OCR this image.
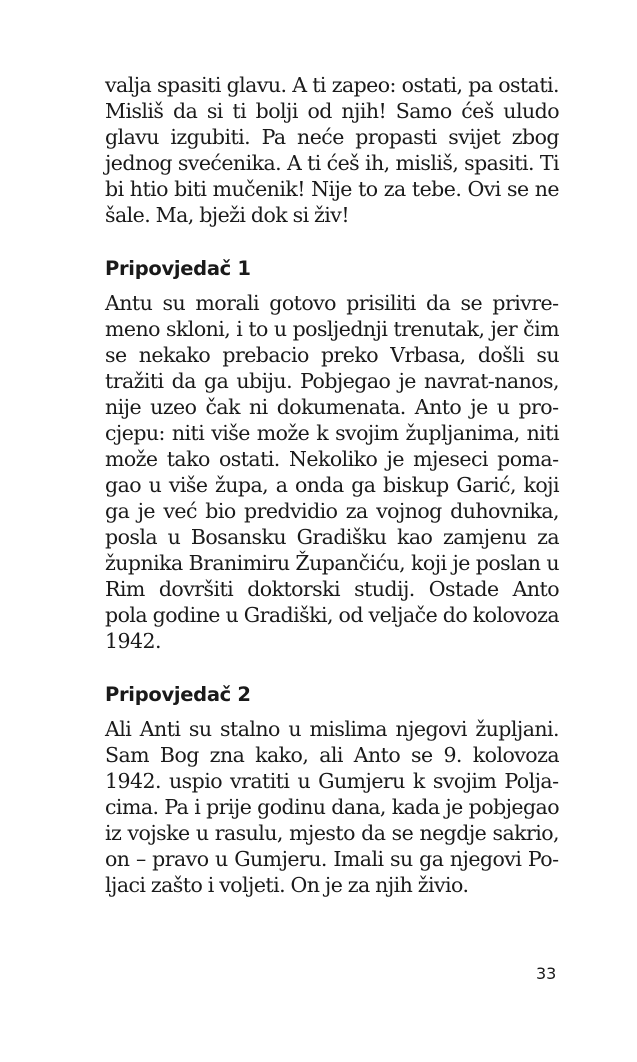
valja spasiti glavu. A ti zapeo: ostati, pa ostati. Misliš da si ti bolji od njih! Samo ćeš uludo glavu izgubiti. Pa neće propasti svijet zbog jednog svećenika. A ti ćeš ih, misliš, spasiti. Ti bi htio biti mučenik! Nije to za tebe. Ovi se ne šale. Ma, bježi dok si živ!

Pripovjedač 1

Antu su morali gotovo prisiliti da se privremeno skloni, i to u posljednji trenutak, jer čim se nekako prebacio preko Vrbasa, došli su tražiti da ga ubiju. Pobjegao je navrat-nanos, nije uzeo čak ni dokumenata. Anto je u procjepu: niti više može k svojim župljanima, niti može tako ostati. Nekoliko je mjeseci pomagao u više župa, a onda ga biskup Garić, koji ga je već bio predvidio za vojnog duhovnika, posla u Bosansku Gradišku kao zamjenu za župnika Branimiru Župančiću, koji je poslan u Rim dovršiti doktorski studij. Ostade Anto pola godine u Gradiški, od veljače do kolovoza 1942.

Pripovjedač 2

Ali Anti su stalno u mislima njegovi župljani. Sam Bog zna kako, ali Anto se 9. kolovoza 1942. uspio vratiti u Gumjeru k svojim Poljacima. Pa i prije godinu dana, kada je pobjegao iz vojske u rasulu, mjesto da se negdje sakrio, on – pravo u Gumjeru. Imali su ga njegovi Poljaci zašto i voljeti. On je za njih živio.

33
